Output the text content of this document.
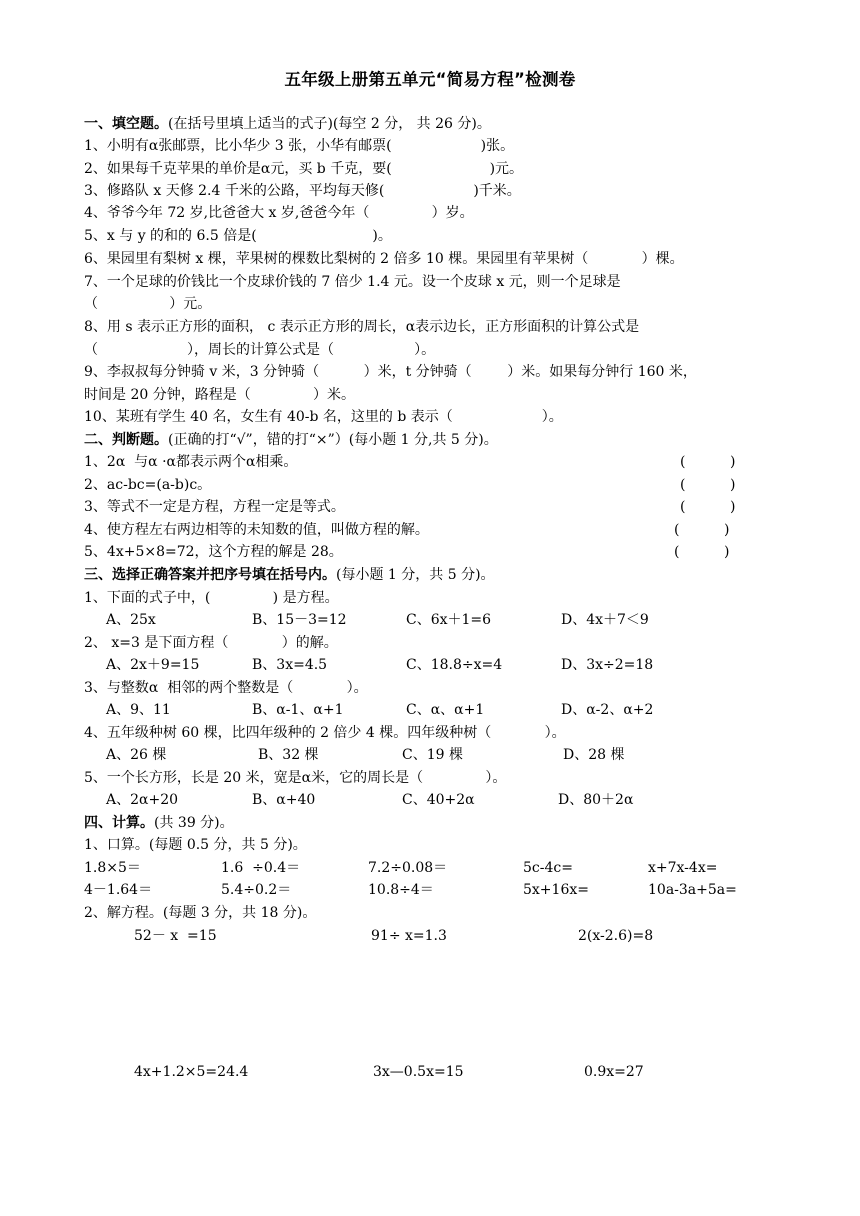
五年级上册第五单元“简易方程”检测卷
一、填空题。(在括号里填上适当的式子)(每空 2 分， 共 26 分)。
1、小明有α张邮票，比小华少 3 张，小华有邮票(                    )张。
2、如果每千克苹果的单价是α元，买 b 千克，要(                      )元。
3、修路队 x 天修 2.4 千米的公路，平均每天修(                    )千米。
4、爷爷今年 72 岁,比爸爸大 x 岁,爸爸今年（              ）岁。
5、x 与 y 的和的 6.5 倍是(                          )。
6、果园里有梨树 x 棵，苹果树的棵数比梨树的 2 倍多 10 棵。果园里有苹果树（            ）棵。
7、一个足球的价钱比一个皮球价钱的 7 倍少 1.4 元。设一个皮球 x 元，则一个足球是
（                ）元。
8、用 s 表示正方形的面积， c 表示正方形的周长，α表示边长，正方形面积的计算公式是
（                    ），周长的计算公式是（                  ）。
9、李叔叔每分钟骑 v 米，3 分钟骑（          ）米，t 分钟骑（        ）米。如果每分钟行 160 米，
时间是 20 分钟，路程是（              ）米。
10、某班有学生 40 名，女生有 40-b 名，这里的 b 表示（                    ）。
二、判断题。(正确的打“√”，错的打“×”）(每小题 1 分,共 5 分)。
1、2α  与α ·α都表示两个α相乘。	(          )
2、ac-bc=(a-b)c。	(          )
3、等式不一定是方程，方程一定是等式。	(          )
4、使方程左右两边相等的未知数的值，叫做方程的解。	(          )
5、4x+5×8=72，这个方程的解是 28。	(          )
三、选择正确答案并把序号填在括号内。(每小题 1 分，共 5 分)。
1、下面的式子中，(              ) 是方程。
A、25x	B、15－3=12	C、6x＋1=6	D、4x＋7＜9
2、 x=3 是下面方程（            ）的解。
A、2x＋9=15	B、3x=4.5	C、18.8÷x=4	D、3x÷2=18
3、与整数α  相邻的两个整数是（            ）。
A、9、11	B、α-1、α+1	C、α、α+1	D、α-2、α+2
4、五年级种树 60 棵，比四年级种的 2 倍少 4 棵。四年级种树（            ）。
A、26 棵	B、32 棵	C、19 棵	D、28 棵
5、一个长方形，长是 20 米，宽是α米，它的周长是（              ）。
A、2α+20	B、α+40	C、40+2α	D、80＋2α
四、计算。(共 39 分)。
1、口算。(每题 0.5 分，共 5 分)。
1.8×5＝	1.6  ÷0.4＝	7.2÷0.08＝	5c-4c=	x+7x-4x=
4－1.64＝	5.4÷0.2＝	10.8÷4＝	5x+16x=	10a-3a+5a=
2、解方程。(每题 3 分，共 18 分)。
52－ x  =15	91÷ x=1.3	2(x-2.6)=8
4x+1.2×5=24.4	3x—0.5x=15	0.9x=27
